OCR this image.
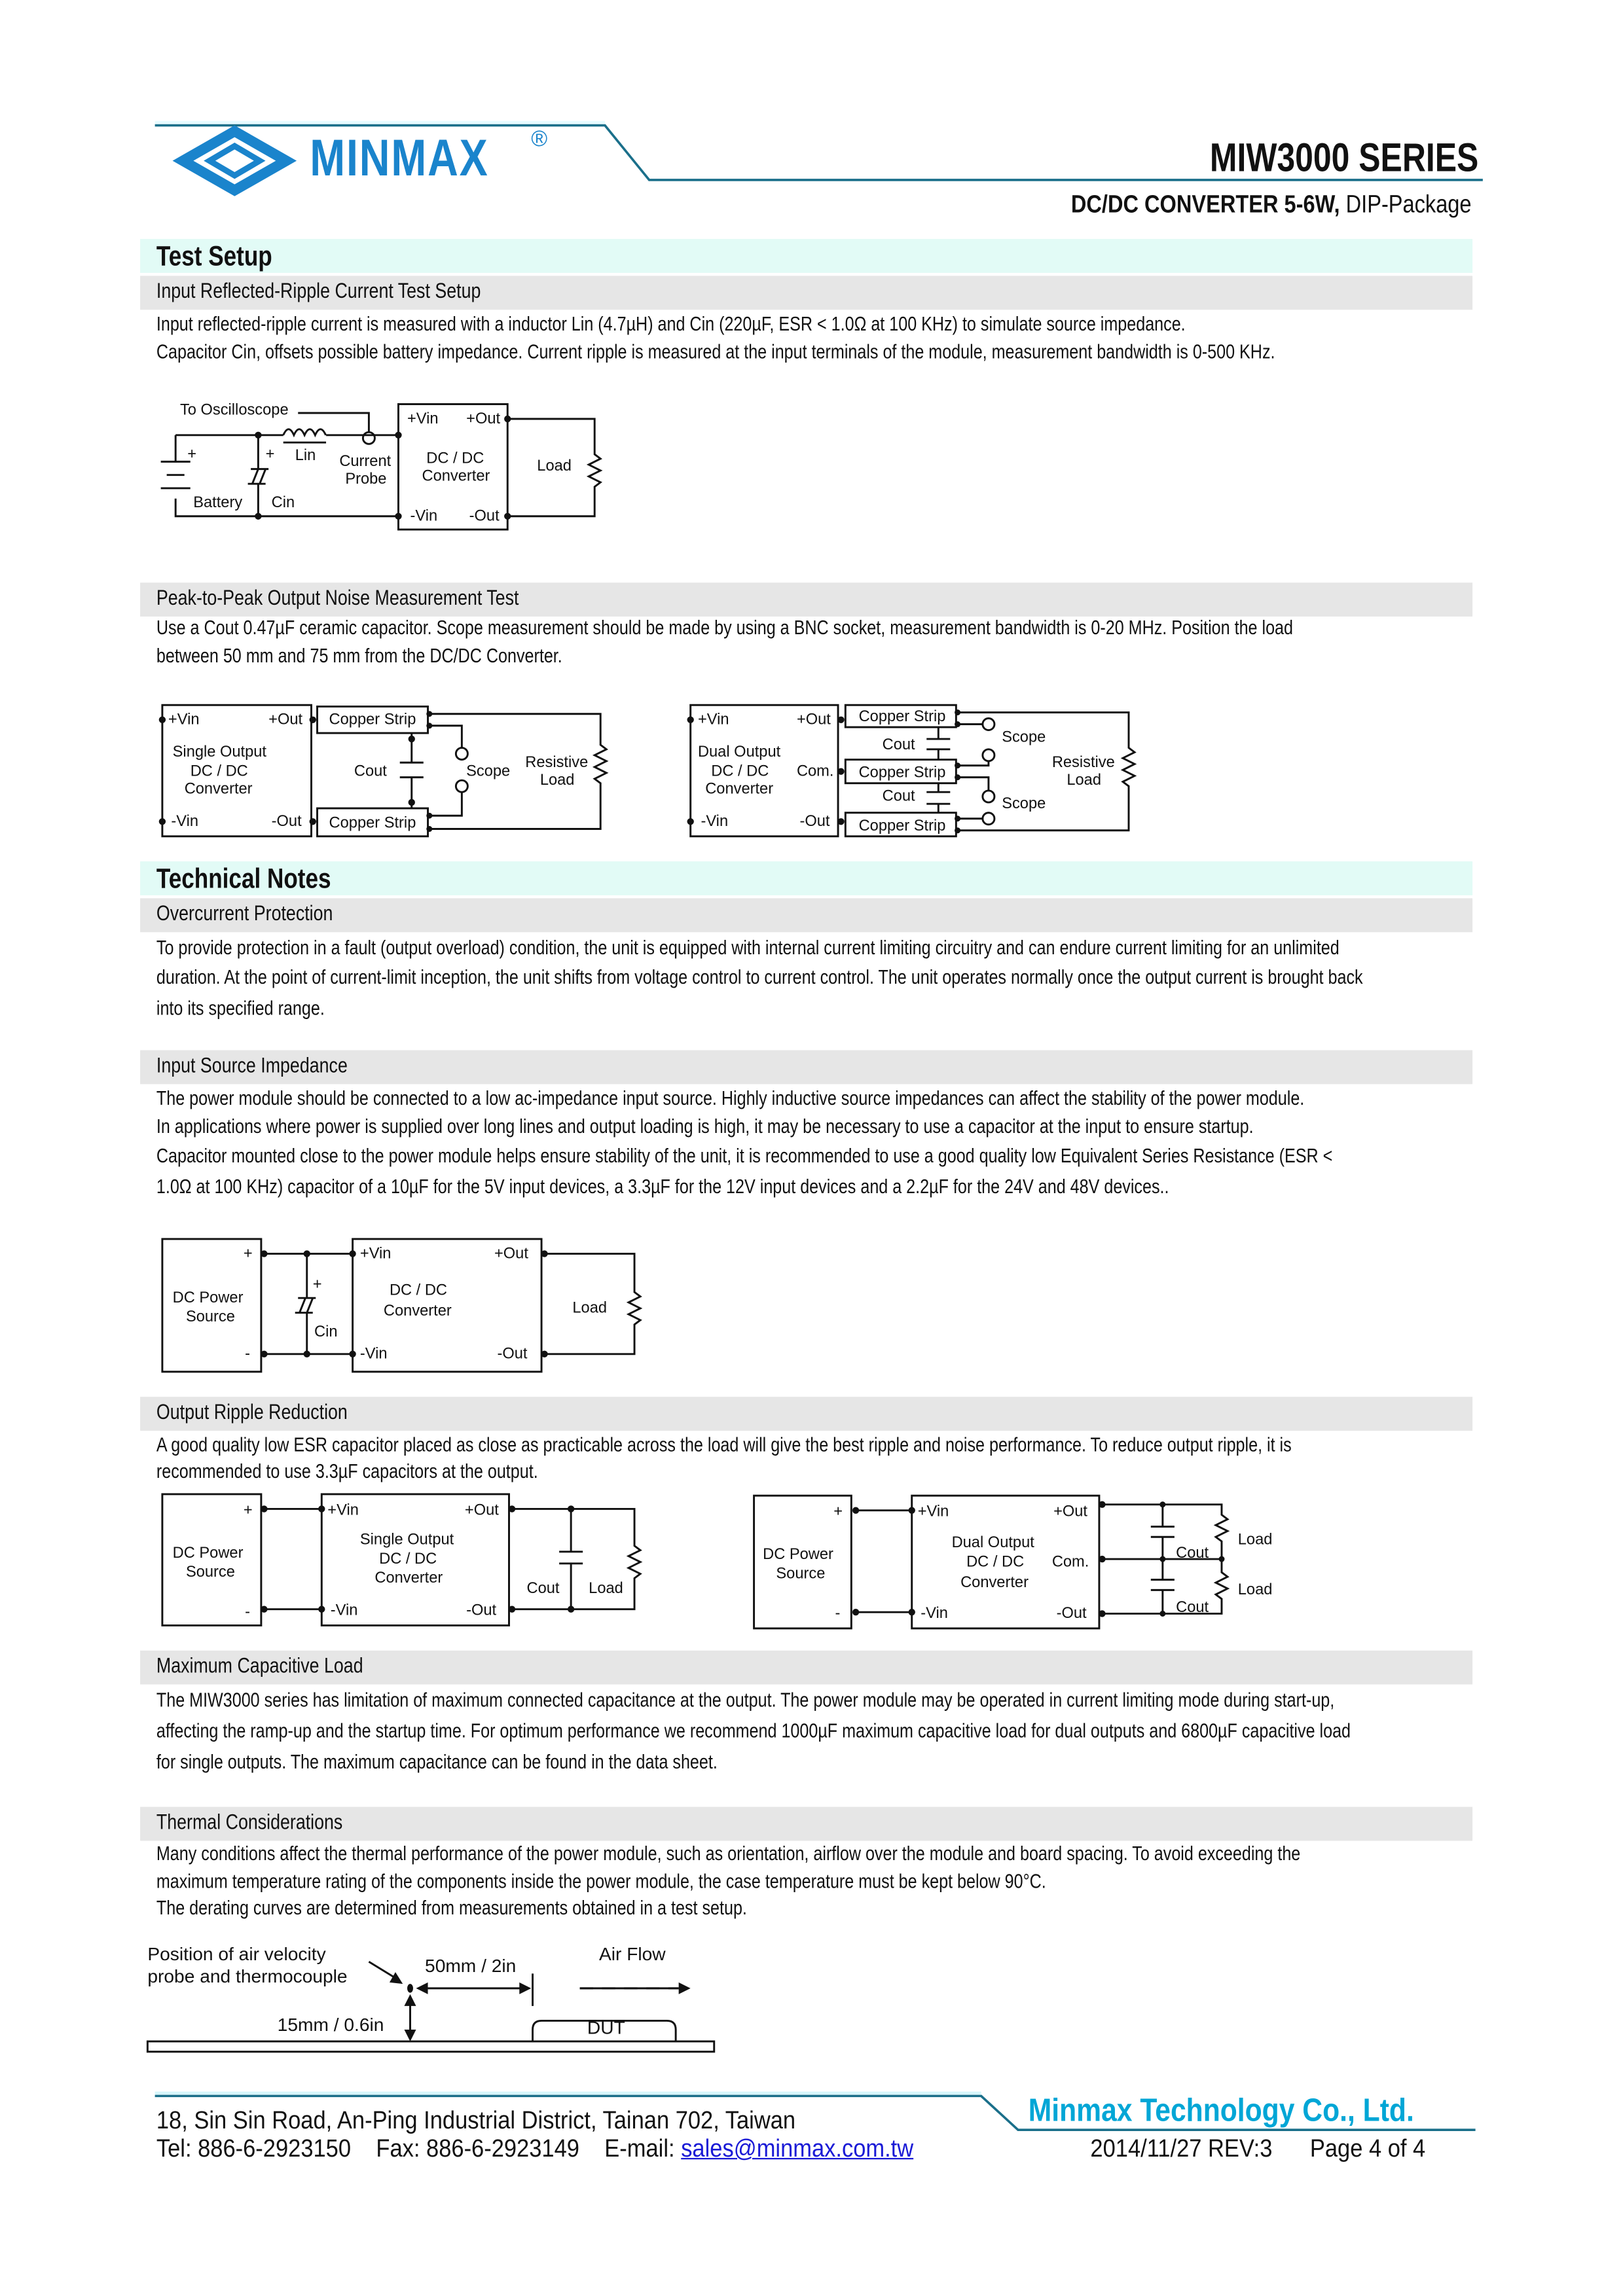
MINMAX	®	MIW3000 SERIES
DC/DC CONVERTER 5-6W, DIP-Package
Test Setup
Input Reflected-Ripple Current Test Setup
Input reflected-ripple current is measured with a inductor Lin (4.7µH) and Cin (220µF, ESR < 1.0Ω at 100 KHz) to simulate source impedance.
Capacitor Cin, offsets possible battery impedance. Current ripple is measured at the input terminals of the module, measurement bandwidth is 0-500 KHz.
To Oscilloscope
Lin	Current
Probe
+	+
Battery	Cin
+Vin	+Out
DC / DC
Converter
-Vin	-Out
Load
Peak-to-Peak Output Noise Measurement Test
Use a Cout 0.47µF ceramic capacitor. Scope measurement should be made by using a BNC socket, measurement bandwidth is 0-20 MHz. Position the load
between 50 mm and 75 mm from the DC/DC Converter.
+Vin	+Out
Single Output
DC / DC
Converter
-Vin	-Out
Copper Strip
Copper Strip
Cout	Scope
Resistive
Load
+Vin	+Out
Dual Output
DC / DC
Converter
Com.
-Vin	-Out
Copper Strip
Copper Strip
Copper Strip
Cout
Cout
Scope
Scope
Resistive
Load
Technical Notes
Overcurrent Protection
To provide protection in a fault (output overload) condition, the unit is equipped with internal current limiting circuitry and can endure current limiting for an unlimited
duration. At the point of current-limit inception, the unit shifts from voltage control to current control. The unit operates normally once the output current is brought back
into its specified range.
Input Source Impedance
The power module should be connected to a low ac-impedance input source. Highly inductive source impedances can affect the stability of the power module.
In applications where power is supplied over long lines and output loading is high, it may be necessary to use a capacitor at the input to ensure startup.
Capacitor mounted close to the power module helps ensure stability of the unit, it is recommended to use a good quality low Equivalent Series Resistance (ESR <
1.0Ω at 100 KHz) capacitor of a 10µF for the 5V input devices, a 3.3µF for the 12V input devices and a 2.2µF for the 24V and 48V devices..
DC Power
Source
+
-
+
Cin
+Vin	+Out
DC / DC
Converter
-Vin	-Out
Load
Output Ripple Reduction
A good quality low ESR capacitor placed as close as practicable across the load will give the best ripple and noise performance. To reduce output ripple, it is
recommended to use 3.3µF capacitors at the output.
DC Power
Source
+
-
+Vin	+Out
Single Output
DC / DC
Converter
-Vin	-Out
Cout	Load
DC Power
Source
+
-
+Vin	+Out
Dual Output
DC / DC
Converter
Com.
-Vin	-Out
Cout
Cout
Load
Load
Maximum Capacitive Load
The MIW3000 series has limitation of maximum connected capacitance at the output. The power module may be operated in current limiting mode during start-up,
affecting the ramp-up and the startup time. For optimum performance we recommend 1000µF maximum capacitive load for dual outputs and 6800µF capacitive load
for single outputs. The maximum capacitance can be found in the data sheet.
Thermal Considerations
Many conditions affect the thermal performance of the power module, such as orientation, airflow over the module and board spacing. To avoid exceeding the
maximum temperature rating of the components inside the power module, the case temperature must be kept below 90°C.
The derating curves are determined from measurements obtained in a test setup.
Position of air velocity
probe and thermocouple
50mm / 2in
Air Flow
15mm / 0.6in	DUT
Minmax Technology Co., Ltd.
18, Sin Sin Road, An-Ping Industrial District, Tainan 702, Taiwan
Tel: 886-6-2923150 Fax: 886-6-2923149 E-mail: sales@minmax.com.tw	2014/11/27 REV:3	Page 4 of 4
